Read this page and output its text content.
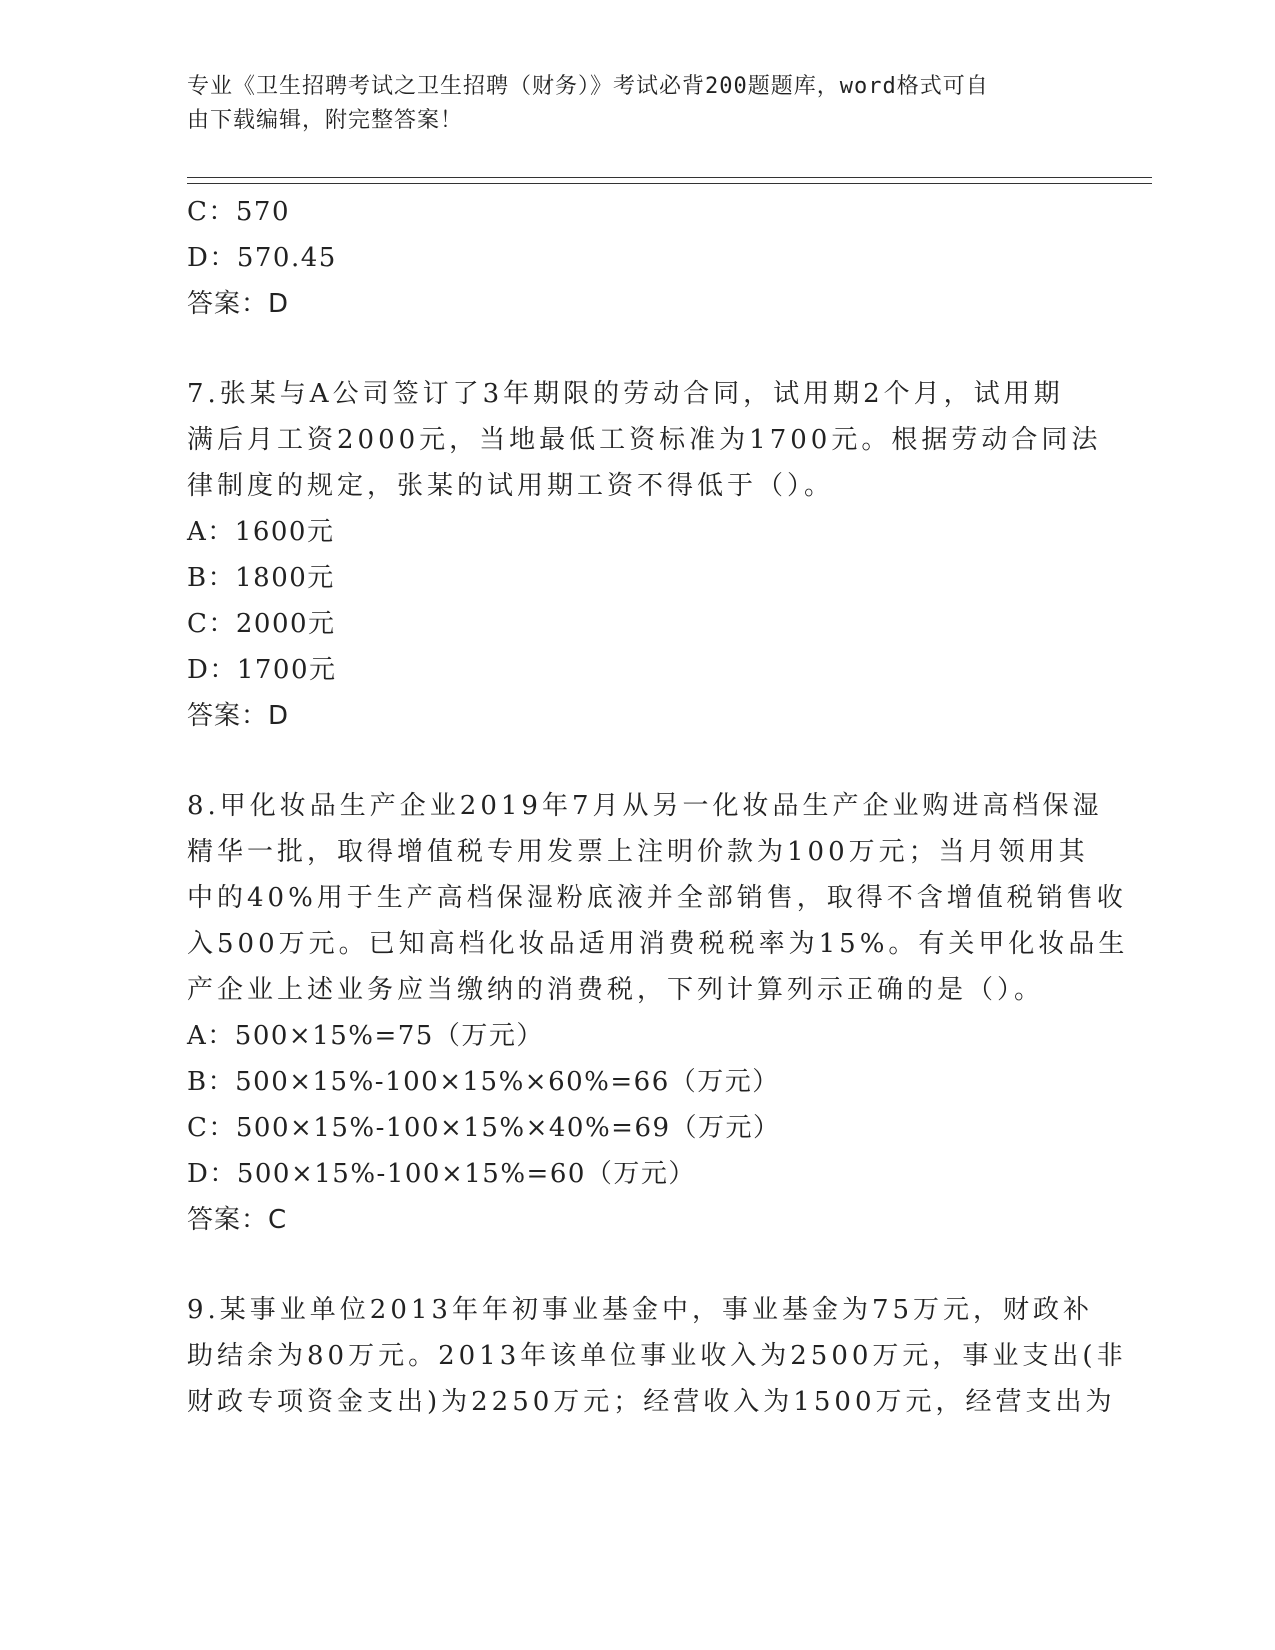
专业《卫生招聘考试之卫生招聘（财务）》考试必背200题题库，word格式可自
由下载编辑，附完整答案！
C：570
D：570.45
答案：D
7.张某与A公司签订了3年期限的劳动合同，试用期2个月，试用期
满后月工资2000元，当地最低工资标准为1700元。根据劳动合同法
律制度的规定，张某的试用期工资不得低于（）。
A：1600元
B：1800元
C：2000元
D：1700元
答案：D
8.甲化妆品生产企业2019年7月从另一化妆品生产企业购进高档保湿
精华一批，取得增值税专用发票上注明价款为100万元；当月领用其
中的40%用于生产高档保湿粉底液并全部销售，取得不含增值税销售收
入500万元。已知高档化妆品适用消费税税率为15%。有关甲化妆品生
产企业上述业务应当缴纳的消费税，下列计算列示正确的是（）。
A：500×15%=75（万元）
B：500×15%-100×15%×60%=66（万元）
C：500×15%-100×15%×40%=69（万元）
D：500×15%-100×15%=60（万元）
答案：C
9.某事业单位2013年年初事业基金中，事业基金为75万元，财政补
助结余为80万元。2013年该单位事业收入为2500万元，事业支出(非
财政专项资金支出)为2250万元；经营收入为1500万元，经营支出为
